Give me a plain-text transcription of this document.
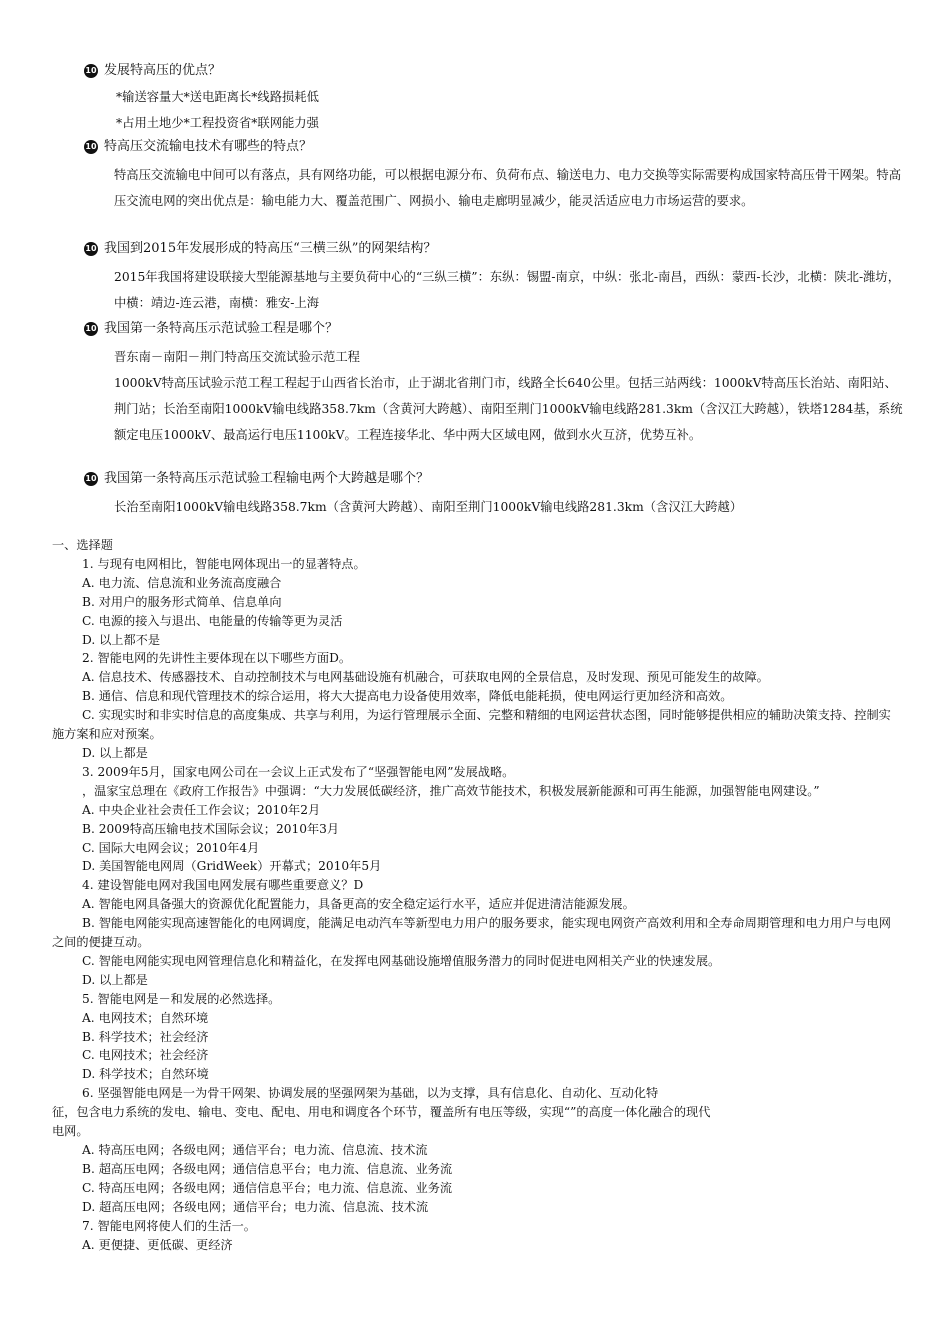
10 发展特高压的优点？

*输送容量大*送电距离长*线路损耗低

*占用土地少*工程投资省*联网能力强

10 特高压交流输电技术有哪些的特点？

特高压交流输电中间可以有落点，具有网络功能，可以根据电源分布、负荷布点、输送电力、电力交换等实际需要构成国家特高压骨干网架。特高压交流电网的突出优点是：输电能力大、覆盖范围广、网损小、输电走廊明显减少，能灵活适应电力市场运营的要求。

10 我国到2015年发展形成的特高压“三横三纵”的网架结构？

2015年我国将建设联接大型能源基地与主要负荷中心的“三纵三横”：东纵：锡盟-南京，中纵：张北-南昌，西纵：蒙西-长沙，北横：陕北-潍坊，中横：靖边-连云港，南横：雅安-上海

10 我国第一条特高压示范试验工程是哪个？

晋东南－南阳－荆门特高压交流试验示范工程

1000kV特高压试验示范工程工程起于山西省长治市，止于湖北省荆门市，线路全长640公里。包括三站两线：1000kV特高压长治站、南阳站、荆门站；长治至南阳1000kV输电线路358.7km（含黄河大跨越）、南阳至荆门1000kV输电线路281.3km（含汉江大跨越），铁塔1284基，系统额定电压1000kV、最高运行电压1100kV。工程连接华北、华中两大区域电网，做到水火互济，优势互补。

10 我国第一条特高压示范试验工程输电两个大跨越是哪个？

长治至南阳1000kV输电线路358.7km（含黄河大跨越）、南阳至荆门1000kV输电线路281.3km（含汉江大跨越）

一、选择题

1. 与现有电网相比，智能电网体现出一的显著特点。

A. 电力流、信息流和业务流高度融合

B. 对用户的服务形式简单、信息单向

C. 电源的接入与退出、电能量的传输等更为灵活

D. 以上都不是

2. 智能电网的先讲性主要体现在以下哪些方面D。

A. 信息技术、传感器技术、自动控制技术与电网基础设施有机融合，可获取电网的全景信息，及时发现、预见可能发生的故障。

B. 通信、信息和现代管理技术的综合运用，将大大提高电力设备使用效率，降低电能耗损，使电网运行更加经济和高效。

C. 实现实时和非实时信息的高度集成、共享与利用，为运行管理展示全面、完整和精细的电网运营状态图，同时能够提供相应的辅助决策支持、控制实施方案和应对预案。

D. 以上都是

3. 2009年5月，国家电网公司在一会议上正式发布了“坚强智能电网”发展战略。

，温家宝总理在《政府工作报告》中强调：“大力发展低碳经济，推广高效节能技术，积极发展新能源和可再生能源，加强智能电网建设。”

A. 中央企业社会责任工作会议；2010年2月

B. 2009特高压输电技术国际会议；2010年3月

C. 国际大电网会议；2010年4月

D. 美国智能电网周（GridWeek）开幕式；2010年5月

4. 建设智能电网对我国电网发展有哪些重要意义？D

A. 智能电网具备强大的资源优化配置能力，具备更高的安全稳定运行水平，适应并促进清洁能源发展。

B. 智能电网能实现高速智能化的电网调度，能满足电动汽车等新型电力用户的服务要求，能实现电网资产高效利用和全寿命周期管理和电力用户与电网之间的便捷互动。

C. 智能电网能实现电网管理信息化和精益化，在发挥电网基础设施增值服务潜力的同时促进电网相关产业的快速发展。

D. 以上都是

5. 智能电网是－和发展的必然选择。

A. 电网技术；自然环境

B. 科学技术；社会经济

C. 电网技术；社会经济

D. 科学技术；自然环境

6. 坚强智能电网是一为骨干网架、协调发展的坚强网架为基础，以为支撑，具有信息化、自动化、互动化特

征，包含电力系统的发电、输电、变电、配电、用电和调度各个环节，覆盖所有电压等级，实现“”的高度一体化融合的现代

电网。

A. 特高压电网；各级电网；通信平台；电力流、信息流、技术流

B. 超高压电网；各级电网；通信信息平台；电力流、信息流、业务流

C. 特高压电网；各级电网；通信信息平台；电力流、信息流、业务流

D. 超高压电网；各级电网；通信平台；电力流、信息流、技术流

7. 智能电网将使人们的生活一。

A. 更便捷、更低碳、更经济
